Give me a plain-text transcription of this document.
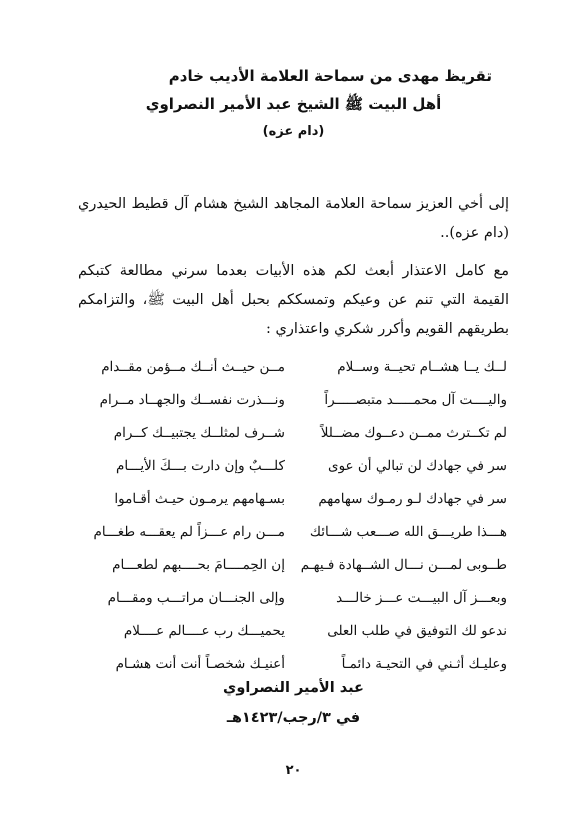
تقريظ مهدى من سماحة العلامة الأديب خادم
أهل البيت ﷺ الشيخ عبد الأمير النصراوي
(دام عزه)
إلى أخي العزيز سماحة العلامة المجاهد الشيخ هشام آل قطيط الحيدري (دام عزه)..
مع كامل الاعتذار أبعث لكم هذه الأبيات بعدما سرني مطالعة كتبكم القيمة التي تنم عن وعيكم وتمسككم بحبل أهل البيت ﷺ، والتزامكم بطريقهم القويم وأكرر شكري واعتذاري :
لــك يــا هشــام تحيــة وســلام
مــن حيــث أنــك مــؤمن مقــدام
واليــــت آل محمـــــد متبصـــــراً
ونـــذرت نفســك والجهــاد مــرام
لم تكــترث ممــن دعــوك مضــللاً
شــرف لمثلــك يجتبيــك كــرام
سر في جهادك لن تبالي أن عوى
كلـــبٌ وإن دارت بـــكَ الأيـــام
سر في جهادك لـو رمـوك سهامهم
بسـهامهم يرمـون حيـث أقـاموا
هـــذا طريـــق الله صـــعب شـــائك
مـــن رام عـــزاً لم يعقـــه طغـــام
طــوبى لمـــن نـــال الشــهادة فـيهـم
إن الحِمــــامَ بحــــبهم لطعـــام
وبعـــز آل البيـــت عـــز خالـــد
وإلى الجنـــان مراتـــب ومقـــام
ندعو لك التوفيق في طلب العلى
يحميـــك رب عــــالم عــــلام
وعليـك أثـني في التحيـة دائمـاً
أعنيـك شخصـاً أنت أنت هشـام
عبد الأمير النصراوي
في ٣/رجب/١٤٢٣هـ
٢٠
